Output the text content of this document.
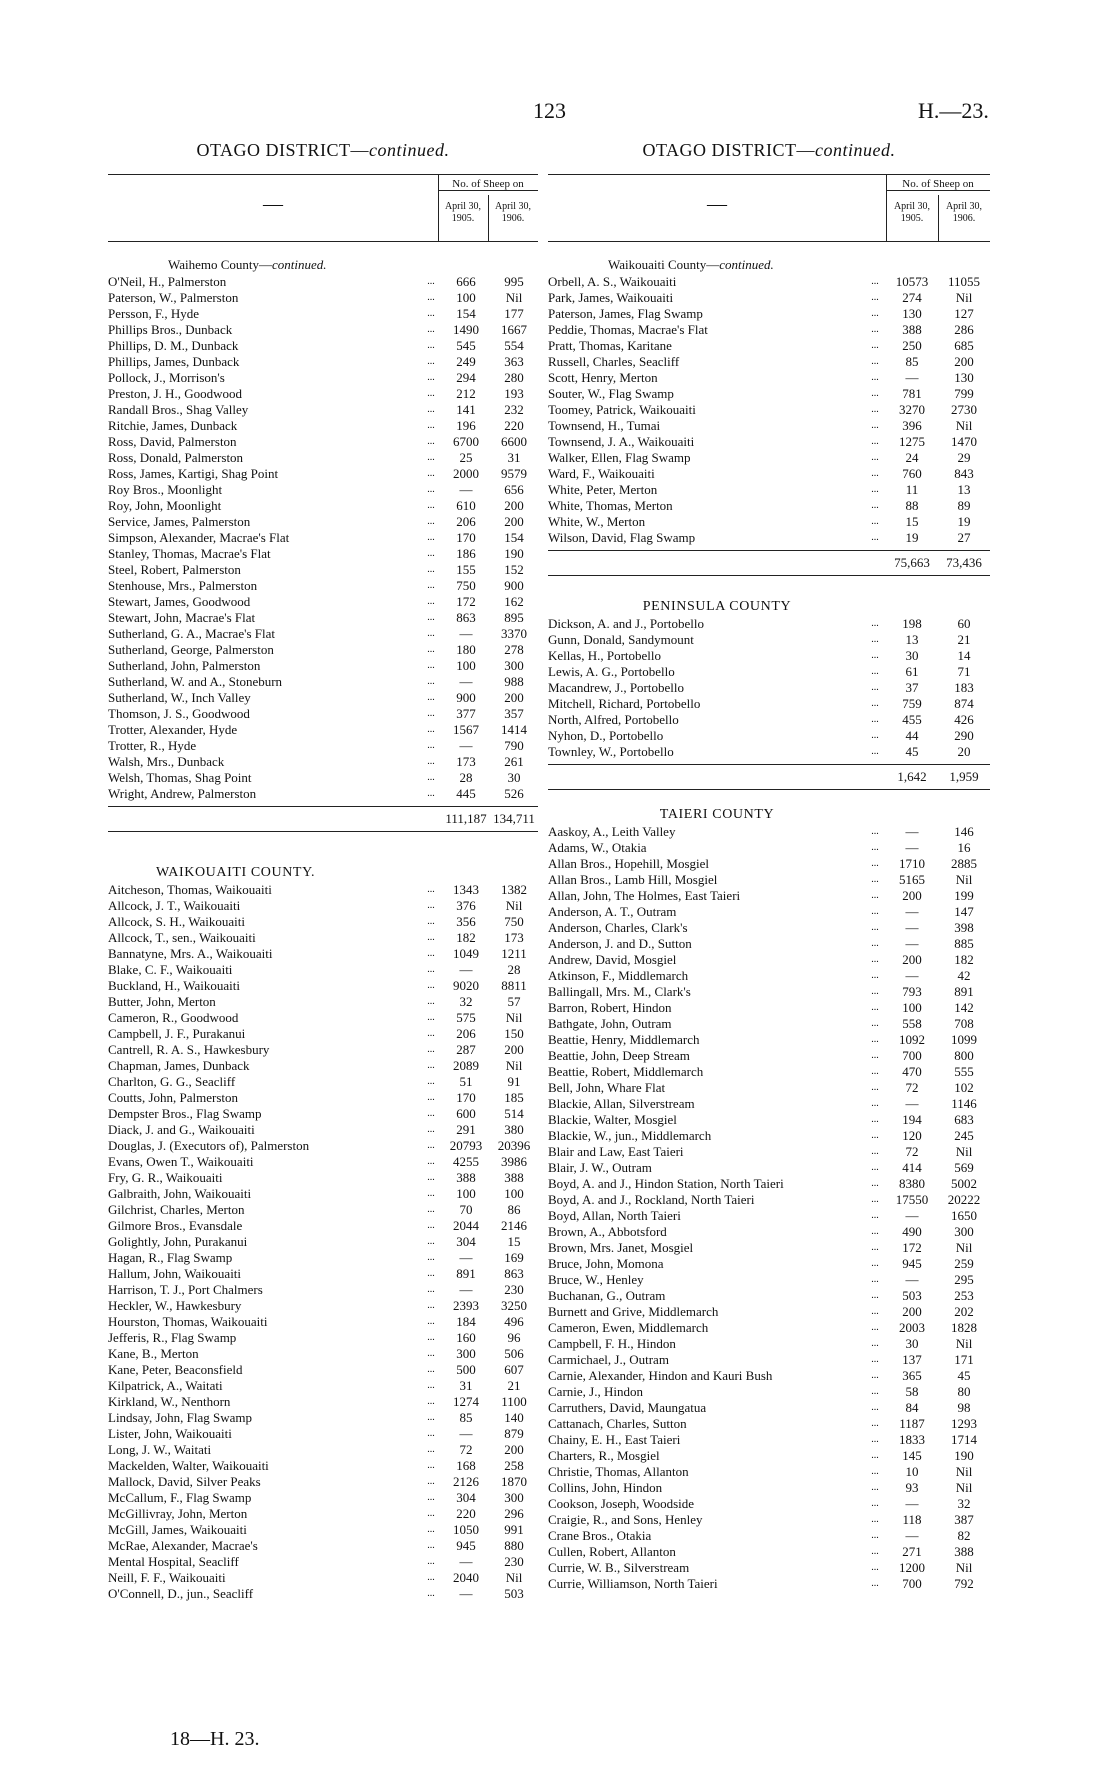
123	H.—23.
OTAGO DISTRICT—continued.
—
No. of Sheep on
April 30, 1905.
April 30, 1906.
Waihemo County—continued.
O'Neil, H., Palmerston	...	666	995
Paterson, W., Palmerston	...	100	Nil
Persson, F., Hyde	...	154	177
Phillips Bros., Dunback	...	1490	1667
Phillips, D. M., Dunback	...	545	554
Phillips, James, Dunback	...	249	363
Pollock, J., Morrison's	...	294	280
Preston, J. H., Goodwood	...	212	193
Randall Bros., Shag Valley	...	141	232
Ritchie, James, Dunback	...	196	220
Ross, David, Palmerston	...	6700	6600
Ross, Donald, Palmerston	...	25	31
Ross, James, Kartigi, Shag Point	...	2000	9579
Roy Bros., Moonlight	...	—	656
Roy, John, Moonlight	...	610	200
Service, James, Palmerston	...	206	200
Simpson, Alexander, Macrae's Flat	...	170	154
Stanley, Thomas, Macrae's Flat	...	186	190
Steel, Robert, Palmerston	...	155	152
Stenhouse, Mrs., Palmerston	...	750	900
Stewart, James, Goodwood	...	172	162
Stewart, John, Macrae's Flat	...	863	895
Sutherland, G. A., Macrae's Flat	...	—	3370
Sutherland, George, Palmerston	...	180	278
Sutherland, John, Palmerston	...	100	300
Sutherland, W. and A., Stoneburn	...	—	988
Sutherland, W., Inch Valley	...	900	200
Thomson, J. S., Goodwood	...	377	357
Trotter, Alexander, Hyde	...	1567	1414
Trotter, R., Hyde	...	—	790
Walsh, Mrs., Dunback	...	173	261
Welsh, Thomas, Shag Point	...	28	30
Wright, Andrew, Palmerston	...	445	526
111,187 134,711
WAIKOUAITI COUNTY.
Aitcheson, Thomas, Waikouaiti	...	1343	1382
Allcock, J. T., Waikouaiti	...	376	Nil
Allcock, S. H., Waikouaiti	...	356	750
Allcock, T., sen., Waikouaiti	...	182	173
Bannatyne, Mrs. A., Waikouaiti	...	1049	1211
Blake, C. F., Waikouaiti	...	—	28
Buckland, H., Waikouaiti	...	9020	8811
Butter, John, Merton	...	32	57
Cameron, R., Goodwood	...	575	Nil
Campbell, J. F., Purakanui	...	206	150
Cantrell, R. A. S., Hawkesbury	...	287	200
Chapman, James, Dunback	...	2089	Nil
Charlton, G. G., Seacliff	...	51	91
Coutts, John, Palmerston	...	170	185
Dempster Bros., Flag Swamp	...	600	514
Diack, J. and G., Waikouaiti	...	291	380
Douglas, J. (Executors of), Palmerston	...	20793	20396
Evans, Owen T., Waikouaiti	...	4255	3986
Fry, G. R., Waikouaiti	...	388	388
Galbraith, John, Waikouaiti	...	100	100
Gilchrist, Charles, Merton	...	70	86
Gilmore Bros., Evansdale	...	2044	2146
Golightly, John, Purakanui	...	304	15
Hagan, R., Flag Swamp	...	—	169
Hallum, John, Waikouaiti	...	891	863
Harrison, T. J., Port Chalmers	...	—	230
Heckler, W., Hawkesbury	...	2393	3250
Hourston, Thomas, Waikouaiti	...	184	496
Jefferis, R., Flag Swamp	...	160	96
Kane, B., Merton	...	300	506
Kane, Peter, Beaconsfield	...	500	607
Kilpatrick, A., Waitati	...	31	21
Kirkland, W., Nenthorn	...	1274	1100
Lindsay, John, Flag Swamp	...	85	140
Lister, John, Waikouaiti	...	—	879
Long, J. W., Waitati	...	72	200
Mackelden, Walter, Waikouaiti	...	168	258
Mallock, David, Silver Peaks	...	2126	1870
McCallum, F., Flag Swamp	...	304	300
McGillivray, John, Merton	...	220	296
McGill, James, Waikouaiti	...	1050	991
McRae, Alexander, Macrae's	...	945	880
Mental Hospital, Seacliff	...	—	230
Neill, F. F., Waikouaiti	...	2040	Nil
O'Connell, D., jun., Seacliff	...	—	503
18—H. 23.
OTAGO DISTRICT—continued.
—
No. of Sheep on
April 30, 1905.
April 30, 1906.
Waikouaiti County—continued.
Orbell, A. S., Waikouaiti	...	10573	11055
Park, James, Waikouaiti	...	274	Nil
Paterson, James, Flag Swamp	...	130	127
Peddie, Thomas, Macrae's Flat	...	388	286
Pratt, Thomas, Karitane	...	250	685
Russell, Charles, Seacliff	...	85	200
Scott, Henry, Merton	...	—	130
Souter, W., Flag Swamp	...	781	799
Toomey, Patrick, Waikouaiti	...	3270	2730
Townsend, H., Tumai	...	396	Nil
Townsend, J. A., Waikouaiti	...	1275	1470
Walker, Ellen, Flag Swamp	...	24	29
Ward, F., Waikouaiti	...	760	843
White, Peter, Merton	...	11	13
White, Thomas, Merton	...	88	89
White, W., Merton	...	15	19
Wilson, David, Flag Swamp	...	19	27
75,663	73,436
PENINSULA COUNTY
Dickson, A. and J., Portobello	...	198	60
Gunn, Donald, Sandymount	...	13	21
Kellas, H., Portobello	...	30	14
Lewis, A. G., Portobello	...	61	71
Macandrew, J., Portobello	...	37	183
Mitchell, Richard, Portobello	...	759	874
North, Alfred, Portobello	...	455	426
Nyhon, D., Portobello	...	44	290
Townley, W., Portobello	...	45	20
1,642	1,959
TAIERI COUNTY
Aaskoy, A., Leith Valley	...	—	146
Adams, W., Otakia	...	—	16
Allan Bros., Hopehill, Mosgiel	...	1710	2885
Allan Bros., Lamb Hill, Mosgiel	...	5165	Nil
Allan, John, The Holmes, East Taieri	...	200	199
Anderson, A. T., Outram	...	—	147
Anderson, Charles, Clark's	...	—	398
Anderson, J. and D., Sutton	...	—	885
Andrew, David, Mosgiel	...	200	182
Atkinson, F., Middlemarch	...	—	42
Ballingall, Mrs. M., Clark's	...	793	891
Barron, Robert, Hindon	...	100	142
Bathgate, John, Outram	...	558	708
Beattie, Henry, Middlemarch	...	1092	1099
Beattie, John, Deep Stream	...	700	800
Beattie, Robert, Middlemarch	...	470	555
Bell, John, Whare Flat	...	72	102
Blackie, Allan, Silverstream	...	—	1146
Blackie, Walter, Mosgiel	...	194	683
Blackie, W., jun., Middlemarch	...	120	245
Blair and Law, East Taieri	...	72	Nil
Blair, J. W., Outram	...	414	569
Boyd, A. and J., Hindon Station, North Taieri	...	8380	5002
Boyd, A. and J., Rockland, North Taieri	...	17550	20222
Boyd, Allan, North Taieri	...	—	1650
Brown, A., Abbotsford	...	490	300
Brown, Mrs. Janet, Mosgiel	...	172	Nil
Bruce, John, Momona	...	945	259
Bruce, W., Henley	...	—	295
Buchanan, G., Outram	...	503	253
Burnett and Grive, Middlemarch	...	200	202
Cameron, Ewen, Middlemarch	...	2003	1828
Campbell, F. H., Hindon	...	30	Nil
Carmichael, J., Outram	...	137	171
Carnie, Alexander, Hindon and Kauri Bush	...	365	45
Carnie, J., Hindon	...	58	80
Carruthers, David, Maungatua	...	84	98
Cattanach, Charles, Sutton	...	1187	1293
Chainy, E. H., East Taieri	...	1833	1714
Charters, R., Mosgiel	...	145	190
Christie, Thomas, Allanton	...	10	Nil
Collins, John, Hindon	...	93	Nil
Cookson, Joseph, Woodside	...	—	32
Craigie, R., and Sons, Henley	...	118	387
Crane Bros., Otakia	...	—	82
Cullen, Robert, Allanton	...	271	388
Currie, W. B., Silverstream	...	1200	Nil
Currie, Williamson, North Taieri	...	700	792
